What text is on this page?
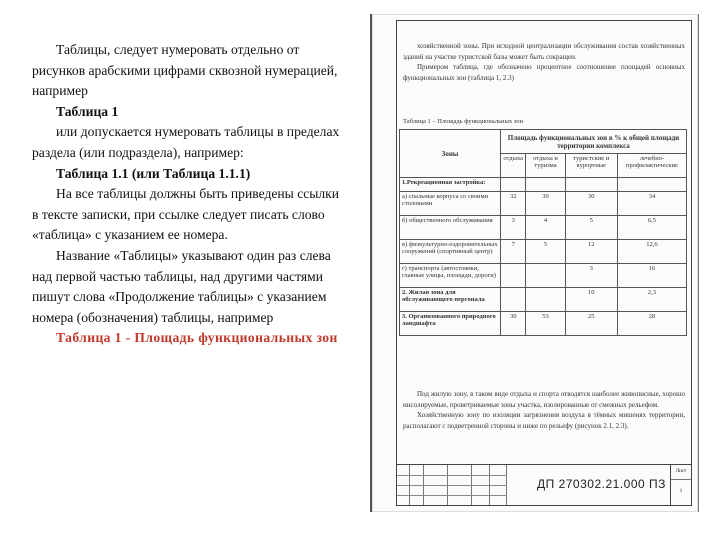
Таблицы, следует нумеровать отдельно от рисунков арабскими цифрами сквозной нумерацией, например

Таблица 1

или допускается нумеровать таблицы в пределах раздела (или подраздела), например:

Таблица 1.1 (или Таблица 1.1.1)

На все таблицы должны быть приведены ссылки в тексте записки, при ссылке следует писать слово «таблица» с указанием ее номера.

Название «Таблицы» указывают один раз слева над первой частью таблицы, над другими частями пишут слова «Продолжение таблицы» с указанием номера (обозначения) таблицы, например

Таблица 1 - Площадь функциональных зон

хозяйственной зоны. При исходной централизации обслуживания состав хозяйственных зданий на участке туристской базы может быть сокращен.

Примером таблица, где обозначено процентное соотношение площадей основных функциональных зон (таблица 1, 2.3)

Таблица 1 – Площадь функциональных зон
Зоны	Площадь функциональных зон в % к общей площади территории комплекса			
	отдыха	отдыха и туризма	туристские и курортные	лечебно-профилактические
1.Рекреационная застройка:				
а) спальные корпуса со своими столовыми	32	30	30	34
б) общественного обслуживания	3	4	5	6,5
в) физкультурно-оздоровительных сооружений (спортивный центр)	7	5	12	12,6
г) транспорта (автостоянки, главные улицы, площади, дороги)			3	16
2. Жилая зона для обслуживающего персонала			10	2,3
3. Организованного природного ландшафта	30	53	25	28

Под жилую зону, в таком виде отдыха и спорта отводятся наиболее живописные, хорошо инсолируемые, проветриваемые зоны участка, изолированные от смежных рельефом.

Хозяйственную зону по изоляции загрязнения воздуха в тёмных мишенях территории, располагают с подветренной стороны и ниже по рельефу (рисунок 2.1, 2.3).

ДП 270302.21.000 ПЗ
Лист
1
